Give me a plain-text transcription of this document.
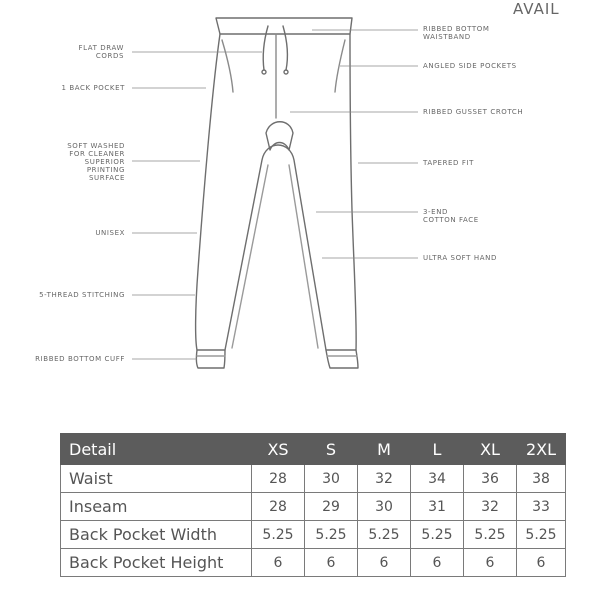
AVAIL
FLAT DRAW
CORDS
1 BACK POCKET
SOFT WASHED
FOR CLEANER
SUPERIOR
PRINTING
SURFACE
UNISEX
5-THREAD STITCHING
RIBBED BOTTOM CUFF
RIBBED BOTTOM
WAISTBAND
ANGLED SIDE POCKETS
RIBBED GUSSET CROTCH
TAPERED FIT
3-END
COTTON FACE
ULTRA SOFT HAND
Detail	XS	S	M	L	XL	2XL
Waist	28	30	32	34	36	38
Inseam	28	29	30	31	32	33
Back Pocket Width	5.25	5.25	5.25	5.25	5.25	5.25
Back Pocket Height	6	6	6	6	6	6
